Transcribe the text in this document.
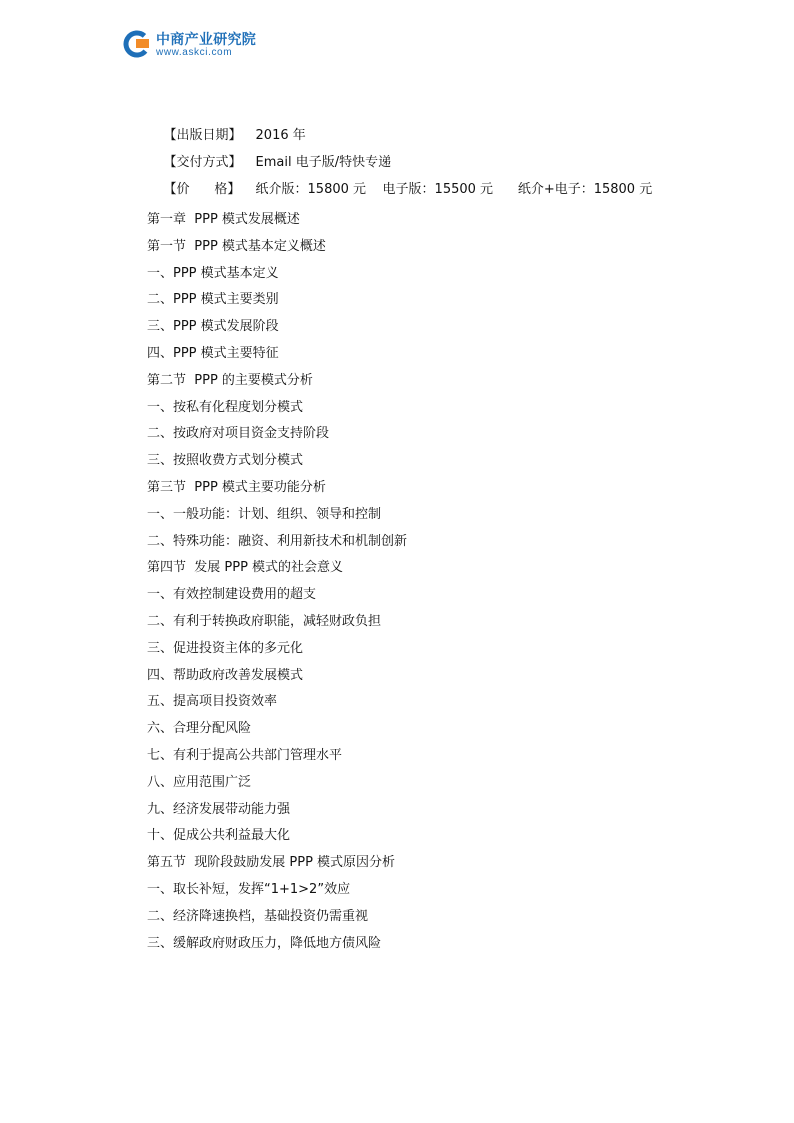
中商产业研究院
www.askci.com

【出版日期】 2016 年

【交付方式】 Email 电子版/特快专递

【价      格】 纸介版：15800 元    电子版：15500 元      纸介+电子：15800 元

第一章  PPP 模式发展概述
第一节  PPP 模式基本定义概述
一、PPP 模式基本定义
二、PPP 模式主要类别
三、PPP 模式发展阶段
四、PPP 模式主要特征
第二节  PPP 的主要模式分析
一、按私有化程度划分模式
二、按政府对项目资金支持阶段
三、按照收费方式划分模式
第三节  PPP 模式主要功能分析
一、一般功能：计划、组织、领导和控制
二、特殊功能：融资、利用新技术和机制创新
第四节  发展 PPP 模式的社会意义
一、有效控制建设费用的超支
二、有利于转换政府职能，减轻财政负担
三、促进投资主体的多元化
四、帮助政府改善发展模式
五、提高项目投资效率
六、合理分配风险
七、有利于提高公共部门管理水平
八、应用范围广泛
九、经济发展带动能力强
十、促成公共利益最大化
第五节  现阶段鼓励发展 PPP 模式原因分析
一、取长补短，发挥“1+1>2”效应
二、经济降速换档，基础投资仍需重视
三、缓解政府财政压力，降低地方债风险
